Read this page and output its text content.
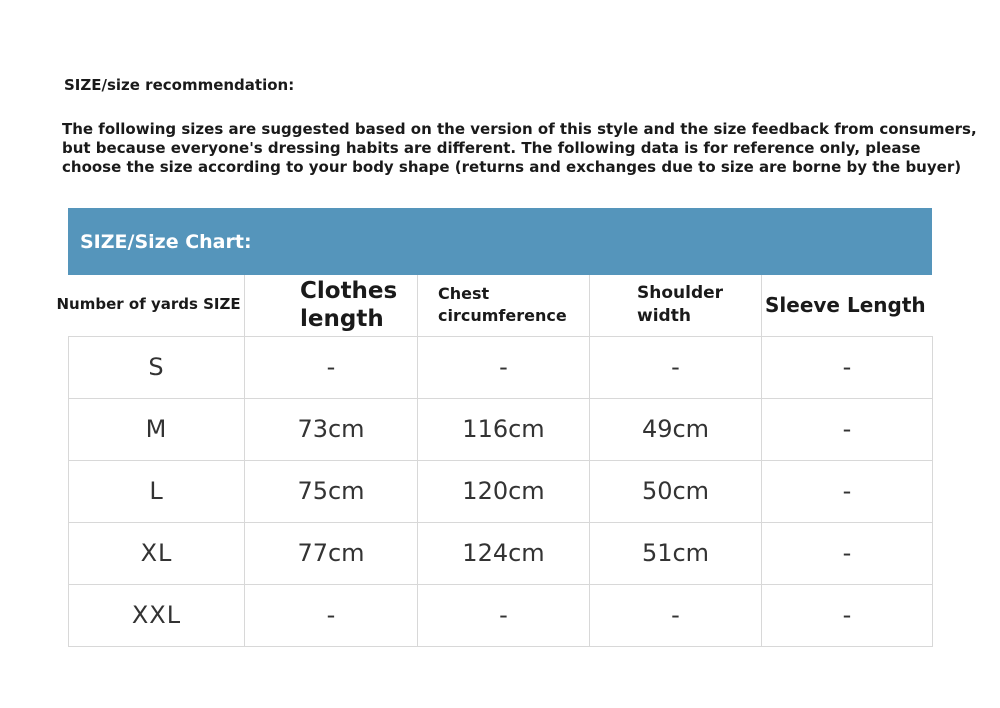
SIZE/size recommendation:

The following sizes are suggested based on the version of this style and the size feedback from consumers,
but because everyone's dressing habits are different. The following data is for reference only, please
choose the size according to your body shape (returns and exchanges due to size are borne by the buyer)
SIZE/Size Chart:
Number of yards SIZE	Clothes length	Chest circumference	Shoulder width	Sleeve Length
S	-	-	-	-
M	73cm	116cm	49cm	-
L	75cm	120cm	50cm	-
XL	77cm	124cm	51cm	-
XXL	-	-	-	-
